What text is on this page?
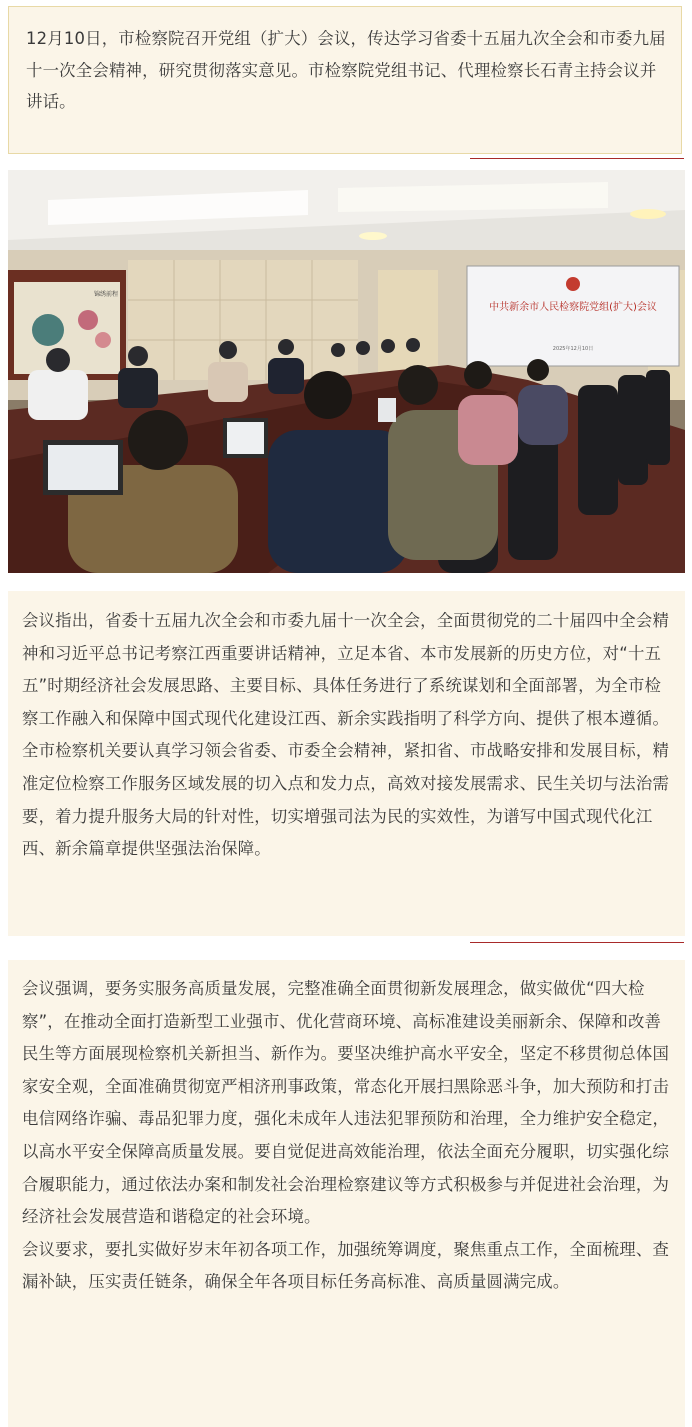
12月10日，市检察院召开党组（扩大）会议，传达学习省委十五届九次全会和市委九届十一次全会精神，研究贯彻落实意见。市检察院党组书记、代理检察长石青主持会议并讲话。
锦绣前程
中共新余市人民检察院党组(扩大)会议
2025年12月10日
会议指出，省委十五届九次全会和市委九届十一次全会，全面贯彻党的二十届四中全会精神和习近平总书记考察江西重要讲话精神，立足本省、本市发展新的历史方位，对“十五五”时期经济社会发展思路、主要目标、具体任务进行了系统谋划和全面部署，为全市检察工作融入和保障中国式现代化建设江西、新余实践指明了科学方向、提供了根本遵循。全市检察机关要认真学习领会省委、市委全会精神，紧扣省、市战略安排和发展目标，精准定位检察工作服务区域发展的切入点和发力点，高效对接发展需求、民生关切与法治需要，着力提升服务大局的针对性，切实增强司法为民的实效性，为谱写中国式现代化江西、新余篇章提供坚强法治保障。

会议强调，要务实服务高质量发展，完整准确全面贯彻新发展理念，做实做优“四大检察”，在推动全面打造新型工业强市、优化营商环境、高标准建设美丽新余、保障和改善民生等方面展现检察机关新担当、新作为。要坚决维护高水平安全，坚定不移贯彻总体国家安全观，全面准确贯彻宽严相济刑事政策，常态化开展扫黑除恶斗争，加大预防和打击电信网络诈骗、毒品犯罪力度，强化未成年人违法犯罪预防和治理，全力维护安全稳定，以高水平安全保障高质量发展。要自觉促进高效能治理，依法全面充分履职，切实强化综合履职能力，通过依法办案和制发社会治理检察建议等方式积极参与并促进社会治理，为经济社会发展营造和谐稳定的社会环境。

会议要求，要扎实做好岁末年初各项工作，加强统筹调度，聚焦重点工作，全面梳理、查漏补缺，压实责任链条，确保全年各项目标任务高标准、高质量圆满完成。
